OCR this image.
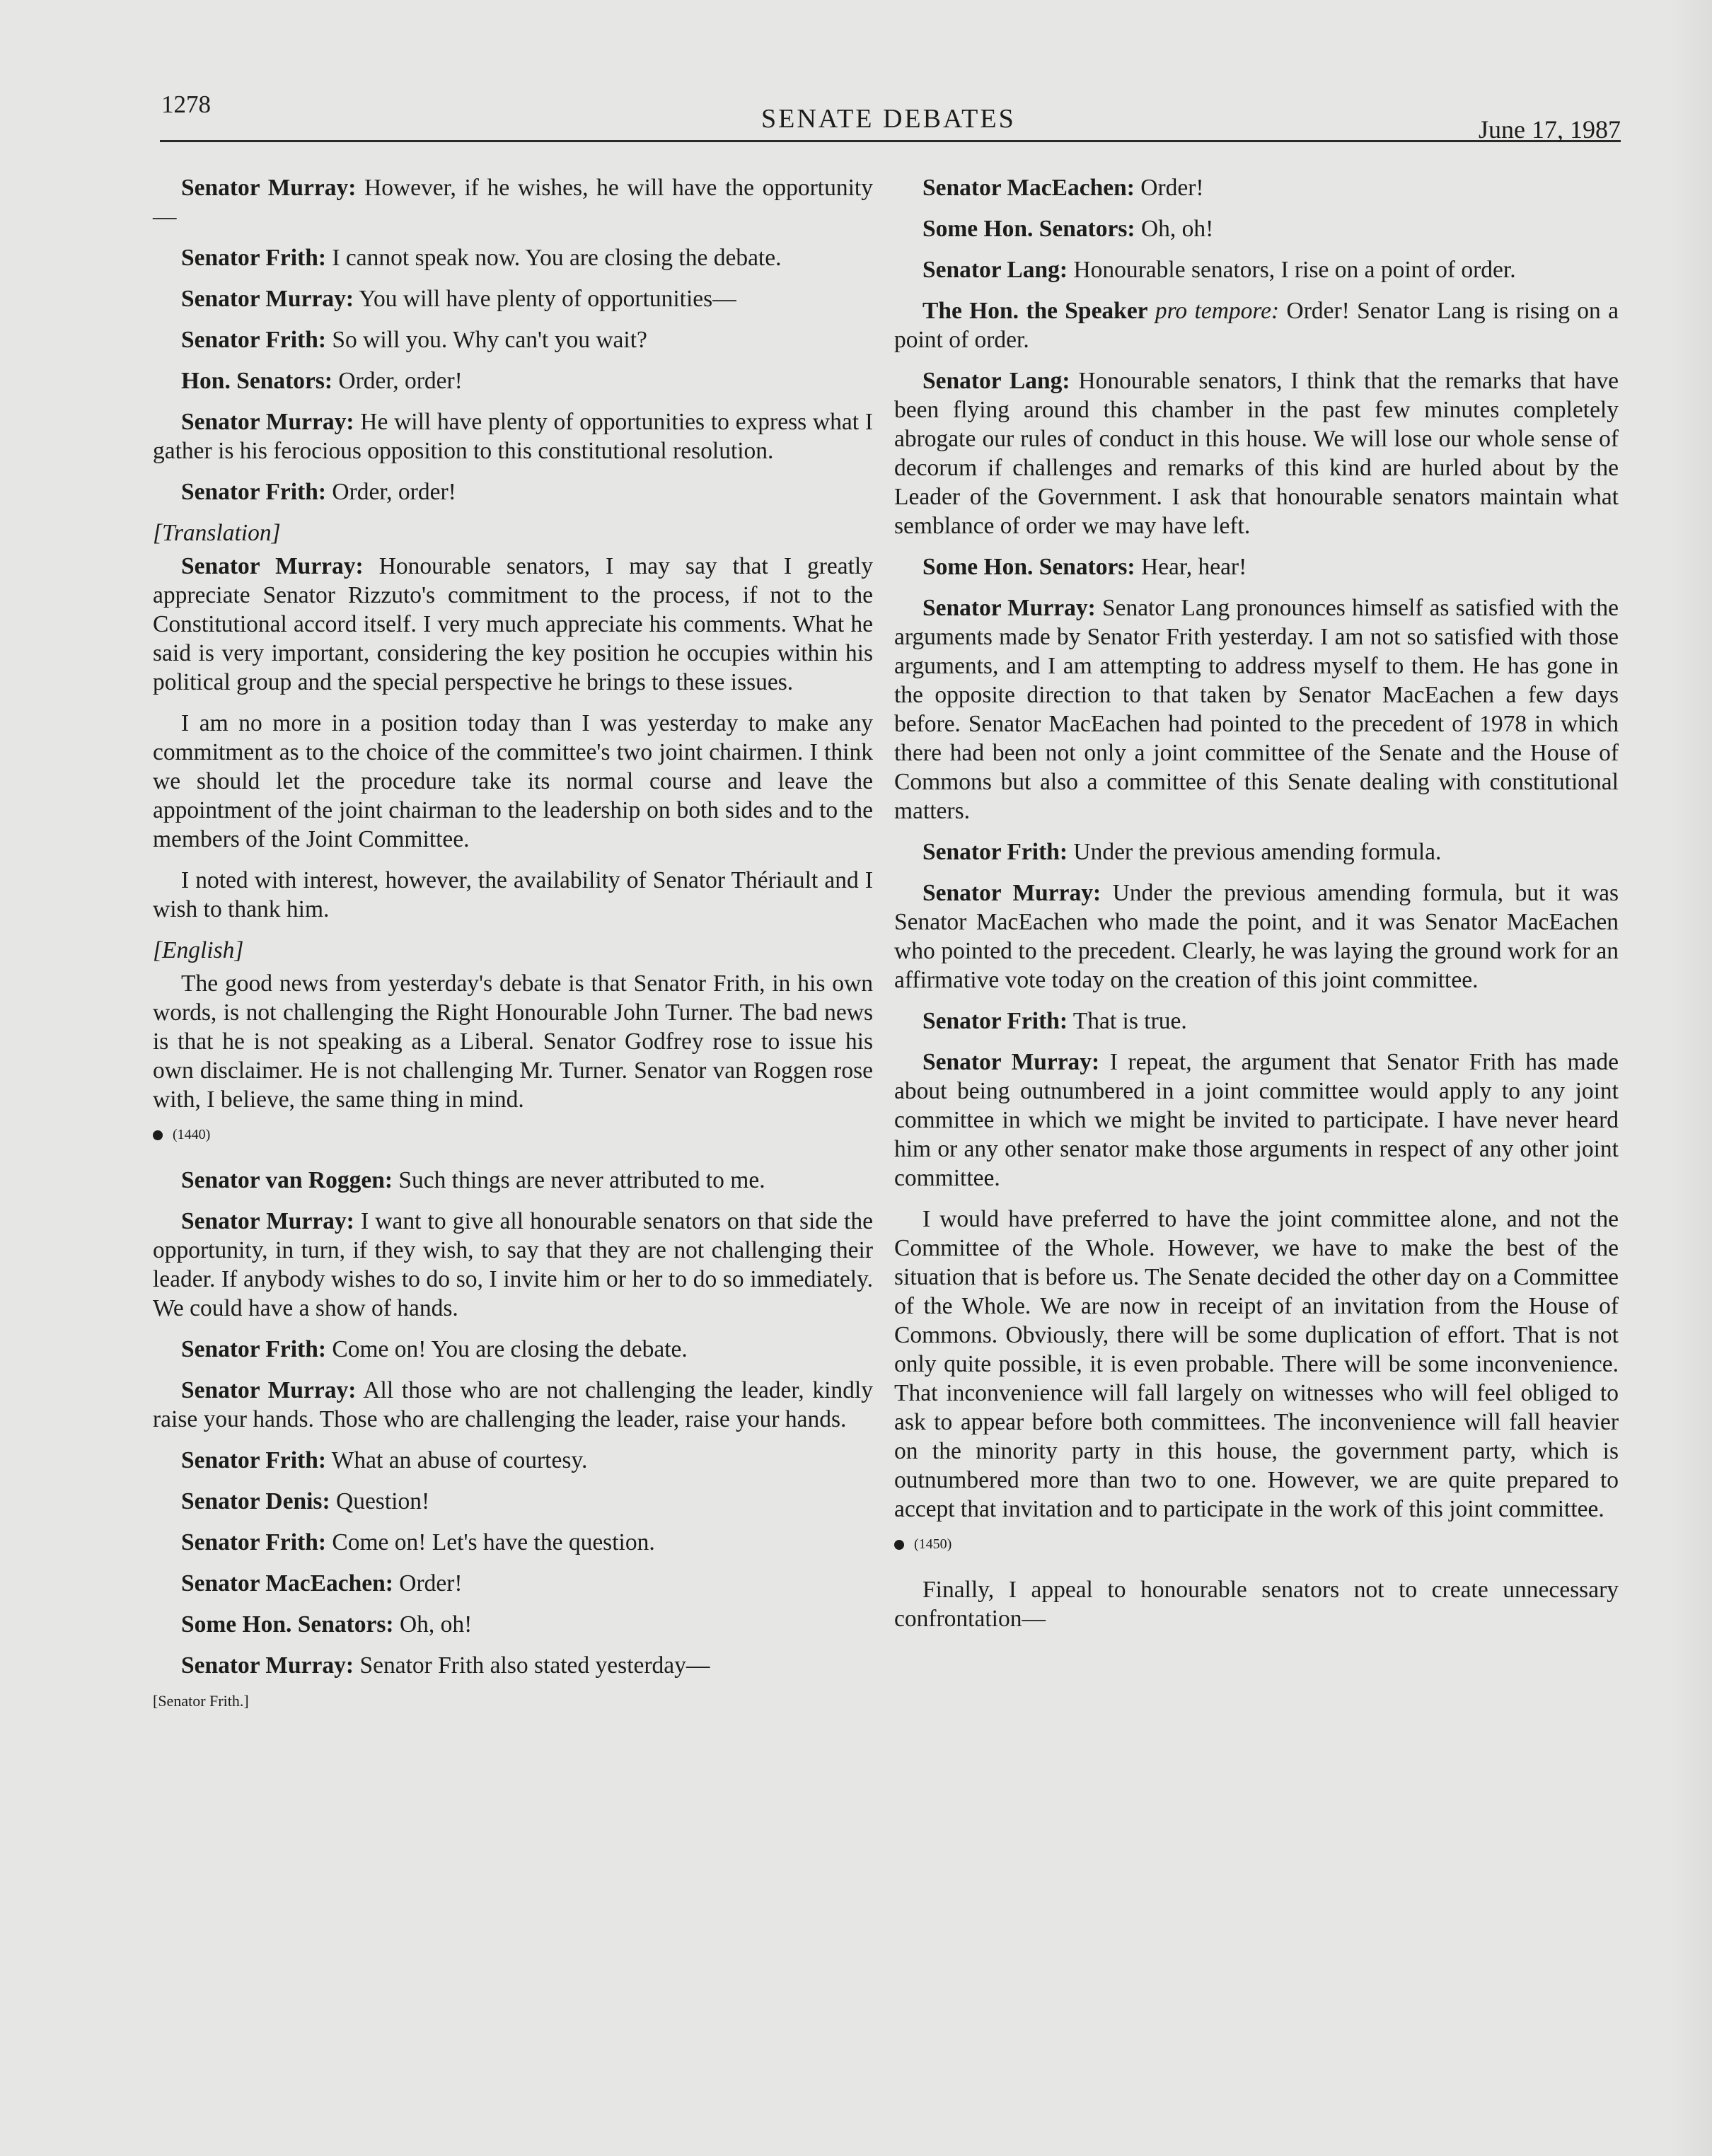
1278	SENATE DEBATES	June 17, 1987

Senator Murray: However, if he wishes, he will have the opportunity—

Senator Frith: I cannot speak now. You are closing the debate.

Senator Murray: You will have plenty of opportunities—

Senator Frith: So will you. Why can't you wait?

Hon. Senators: Order, order!

Senator Murray: He will have plenty of opportunities to express what I gather is his ferocious opposition to this constitutional resolution.

Senator Frith: Order, order!

[Translation]

Senator Murray: Honourable senators, I may say that I greatly appreciate Senator Rizzuto's commitment to the process, if not to the Constitutional accord itself. I very much appreciate his comments. What he said is very important, considering the key position he occupies within his political group and the special perspective he brings to these issues.

I am no more in a position today than I was yesterday to make any commitment as to the choice of the committee's two joint chairmen. I think we should let the procedure take its normal course and leave the appointment of the joint chairman to the leadership on both sides and to the members of the Joint Committee.

I noted with interest, however, the availability of Senator Thériault and I wish to thank him.

[English]

The good news from yesterday's debate is that Senator Frith, in his own words, is not challenging the Right Honourable John Turner. The bad news is that he is not speaking as a Liberal. Senator Godfrey rose to issue his own disclaimer. He is not challenging Mr. Turner. Senator van Roggen rose with, I believe, the same thing in mind.

(1440)

Senator van Roggen: Such things are never attributed to me.

Senator Murray: I want to give all honourable senators on that side the opportunity, in turn, if they wish, to say that they are not challenging their leader. If anybody wishes to do so, I invite him or her to do so immediately. We could have a show of hands.

Senator Frith: Come on! You are closing the debate.

Senator Murray: All those who are not challenging the leader, kindly raise your hands. Those who are challenging the leader, raise your hands.

Senator Frith: What an abuse of courtesy.

Senator Denis: Question!

Senator Frith: Come on! Let's have the question.

Senator MacEachen: Order!

Some Hon. Senators: Oh, oh!

Senator Murray: Senator Frith also stated yesterday—

[Senator Frith.]

Senator MacEachen: Order!

Some Hon. Senators: Oh, oh!

Senator Lang: Honourable senators, I rise on a point of order.

The Hon. the Speaker pro tempore: Order! Senator Lang is rising on a point of order.

Senator Lang: Honourable senators, I think that the remarks that have been flying around this chamber in the past few minutes completely abrogate our rules of conduct in this house. We will lose our whole sense of decorum if challenges and remarks of this kind are hurled about by the Leader of the Government. I ask that honourable senators maintain what semblance of order we may have left.

Some Hon. Senators: Hear, hear!

Senator Murray: Senator Lang pronounces himself as satisfied with the arguments made by Senator Frith yesterday. I am not so satisfied with those arguments, and I am attempting to address myself to them. He has gone in the opposite direction to that taken by Senator MacEachen a few days before. Senator MacEachen had pointed to the precedent of 1978 in which there had been not only a joint committee of the Senate and the House of Commons but also a committee of this Senate dealing with constitutional matters.

Senator Frith: Under the previous amending formula.

Senator Murray: Under the previous amending formula, but it was Senator MacEachen who made the point, and it was Senator MacEachen who pointed to the precedent. Clearly, he was laying the ground work for an affirmative vote today on the creation of this joint committee.

Senator Frith: That is true.

Senator Murray: I repeat, the argument that Senator Frith has made about being outnumbered in a joint committee would apply to any joint committee in which we might be invited to participate. I have never heard him or any other senator make those arguments in respect of any other joint committee.

I would have preferred to have the joint committee alone, and not the Committee of the Whole. However, we have to make the best of the situation that is before us. The Senate decided the other day on a Committee of the Whole. We are now in receipt of an invitation from the House of Commons. Obviously, there will be some duplication of effort. That is not only quite possible, it is even probable. There will be some inconvenience. That inconvenience will fall largely on witnesses who will feel obliged to ask to appear before both committees. The inconvenience will fall heavier on the minority party in this house, the government party, which is outnumbered more than two to one. However, we are quite prepared to accept that invitation and to participate in the work of this joint committee.

(1450)

Finally, I appeal to honourable senators not to create unnecessary confrontation—
